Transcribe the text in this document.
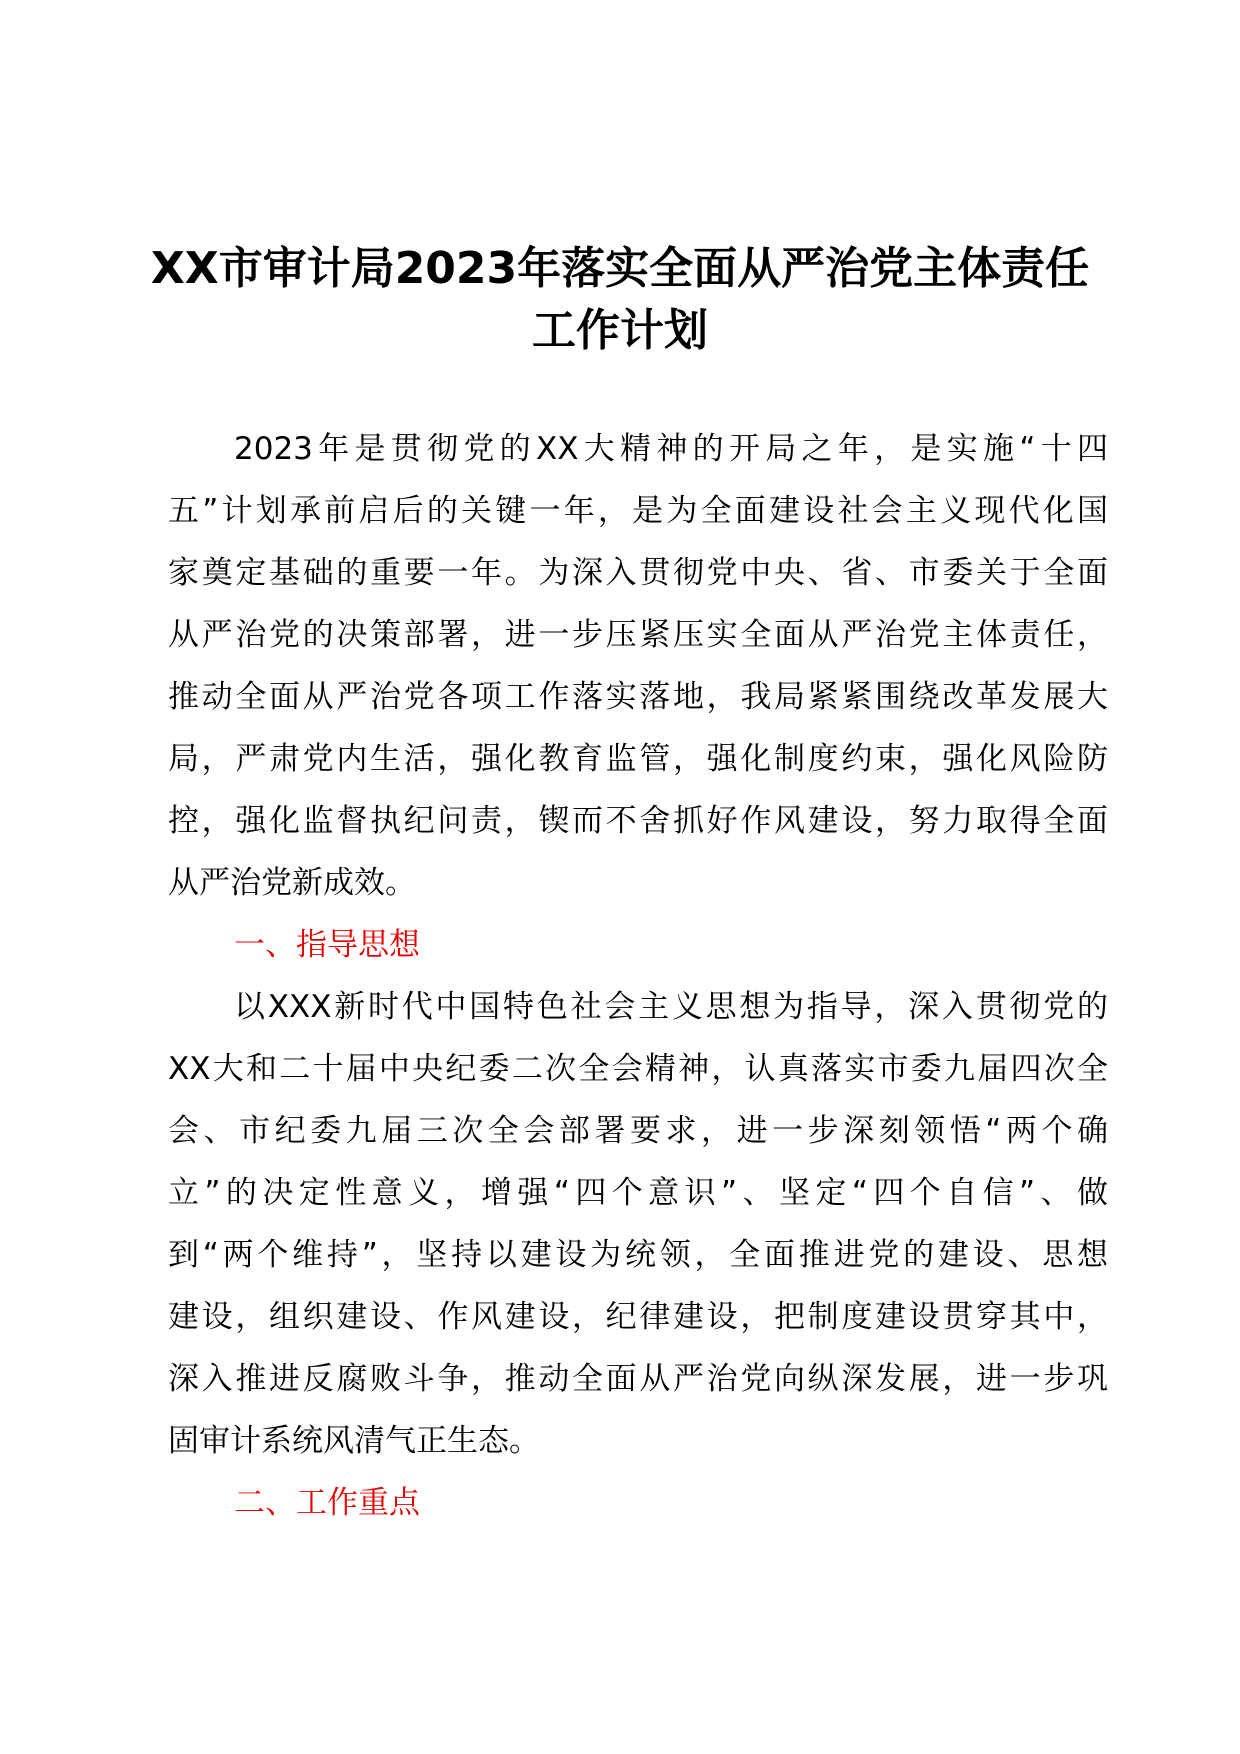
XX市审计局2023年落实全面从严治党主体责任
工作计划
2023年是贯彻党的XX大精神的开局之年，是实施“十四
五”计划承前启后的关键一年，是为全面建设社会主义现代化国
家奠定基础的重要一年。为深入贯彻党中央、省、市委关于全面
从严治党的决策部署，进一步压紧压实全面从严治党主体责任，
推动全面从严治党各项工作落实落地，我局紧紧围绕改革发展大
局，严肃党内生活，强化教育监管，强化制度约束，强化风险防
控，强化监督执纪问责，锲而不舍抓好作风建设，努力取得全面
从严治党新成效。
一、指导思想
以XXX新时代中国特色社会主义思想为指导，深入贯彻党的
XX大和二十届中央纪委二次全会精神，认真落实市委九届四次全
会、市纪委九届三次全会部署要求，进一步深刻领悟“两个确
立”的决定性意义，增强“四个意识”、坚定“四个自信”、做
到“两个维持”，坚持以建设为统领，全面推进党的建设、思想
建设，组织建设、作风建设，纪律建设，把制度建设贯穿其中，
深入推进反腐败斗争，推动全面从严治党向纵深发展，进一步巩
固审计系统风清气正生态。
二、工作重点
